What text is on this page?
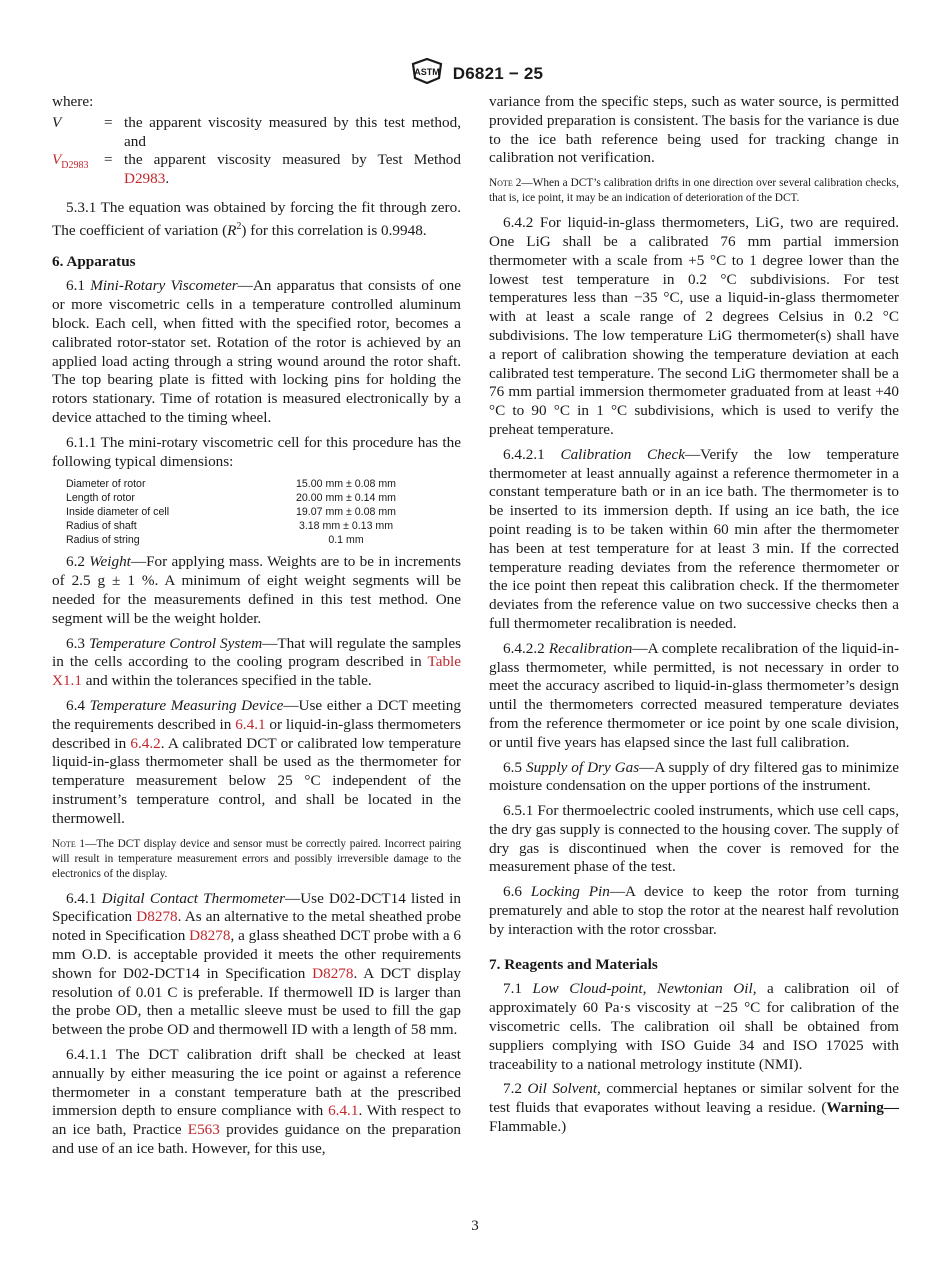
ASTM D6821 − 25

where:

V	= the apparent viscosity measured by this test method, and
$V_{D2983}$	= the apparent viscosity measured by Test Method D2983.

5.3.1 The equation was obtained by forcing the fit through zero. The coefficient of variation $(R^2)$ for this correlation is 0.9948.

6. Apparatus

6.1 Mini-Rotary Viscometer—An apparatus that consists of one or more viscometric cells in a temperature controlled aluminum block. Each cell, when fitted with the specified rotor, becomes a calibrated rotor-stator set. Rotation of the rotor is achieved by an applied load acting through a string wound around the rotor shaft. The top bearing plate is fitted with locking pins for holding the rotors stationary. Time of rotation is measured electronically by a device attached to the timing wheel.

6.1.1 The mini-rotary viscometric cell for this procedure has the following typical dimensions:

Diameter of rotor	15.00 mm ± 0.08 mm
Length of rotor	20.00 mm ± 0.14 mm
Inside diameter of cell	19.07 mm ± 0.08 mm
Radius of shaft	3.18 mm ± 0.13 mm
Radius of string	0.1 mm

6.2 Weight—For applying mass. Weights are to be in increments of 2.5 g ± 1 %. A minimum of eight weight segments will be needed for the measurements defined in this test method. One segment will be the weight holder.

6.3 Temperature Control System—That will regulate the samples in the cells according to the cooling program described in Table X1.1 and within the tolerances specified in the table.

6.4 Temperature Measuring Device—Use either a DCT meeting the requirements described in 6.4.1 or liquid-in-glass thermometers described in 6.4.2. A calibrated DCT or calibrated low temperature liquid-in-glass thermometer shall be used as the thermometer for temperature measurement below 25 °C independent of the instrument’s temperature control, and shall be located in the thermowell.

Note 1—The DCT display device and sensor must be correctly paired. Incorrect pairing will result in temperature measurement errors and possibly irreversible damage to the electronics of the display.

6.4.1 Digital Contact Thermometer—Use D02-DCT14 listed in Specification D8278. As an alternative to the metal sheathed probe noted in Specification D8278, a glass sheathed DCT probe with a 6 mm O.D. is acceptable provided it meets the other requirements shown for D02-DCT14 in Specification D8278. A DCT display resolution of 0.01 C is preferable. If thermowell ID is larger than the probe OD, then a metallic sleeve must be used to fill the gap between the probe OD and thermowell ID with a length of 58 mm.

6.4.1.1 The DCT calibration drift shall be checked at least annually by either measuring the ice point or against a reference thermometer in a constant temperature bath at the prescribed immersion depth to ensure compliance with 6.4.1. With respect to an ice bath, Practice E563 provides guidance on the preparation and use of an ice bath. However, for this use,

variance from the specific steps, such as water source, is permitted provided preparation is consistent. The basis for the variance is due to the ice bath reference being used for tracking change in calibration not verification.

Note 2—When a DCT’s calibration drifts in one direction over several calibration checks, that is, ice point, it may be an indication of deterioration of the DCT.

6.4.2 For liquid-in-glass thermometers, LiG, two are required. One LiG shall be a calibrated 76 mm partial immersion thermometer with a scale from +5 °C to 1 degree lower than the lowest test temperature in 0.2 °C subdivisions. For test temperatures less than −35 °C, use a liquid-in-glass thermometer with at least a scale range of 2 degrees Celsius in 0.2 °C subdivisions. The low temperature LiG thermometer(s) shall have a report of calibration showing the temperature deviation at each calibrated test temperature. The second LiG thermometer shall be a 76 mm partial immersion thermometer graduated from at least +40 °C to 90 °C in 1 °C subdivisions, which is used to verify the preheat temperature.

6.4.2.1 Calibration Check—Verify the low temperature thermometer at least annually against a reference thermometer in a constant temperature bath or in an ice bath. The thermometer is to be inserted to its immersion depth. If using an ice bath, the ice point reading is to be taken within 60 min after the thermometer has been at test temperature for at least 3 min. If the corrected temperature reading deviates from the reference thermometer or the ice point then repeat this calibration check. If the thermometer deviates from the reference value on two successive checks then a full thermometer recalibration is needed.

6.4.2.2 Recalibration—A complete recalibration of the liquid-in-glass thermometer, while permitted, is not necessary in order to meet the accuracy ascribed to liquid-in-glass thermometer’s design until the thermometers corrected measured temperature deviates from the reference thermometer or ice point by one scale division, or until five years has elapsed since the last full calibration.

6.5 Supply of Dry Gas—A supply of dry filtered gas to minimize moisture condensation on the upper portions of the instrument.

6.5.1 For thermoelectric cooled instruments, which use cell caps, the dry gas supply is connected to the housing cover. The supply of dry gas is discontinued when the cover is removed for the measurement phase of the test.

6.6 Locking Pin—A device to keep the rotor from turning prematurely and able to stop the rotor at the nearest half revolution by interaction with the rotor crossbar.

7. Reagents and Materials

7.1 Low Cloud-point, Newtonian Oil, a calibration oil of approximately 60 Pa·s viscosity at −25 °C for calibration of the viscometric cells. The calibration oil shall be obtained from suppliers complying with ISO Guide 34 and ISO 17025 with traceability to a national metrology institute (NMI).

7.2 Oil Solvent, commercial heptanes or similar solvent for the test fluids that evaporates without leaving a residue. (Warning—Flammable.)

3
